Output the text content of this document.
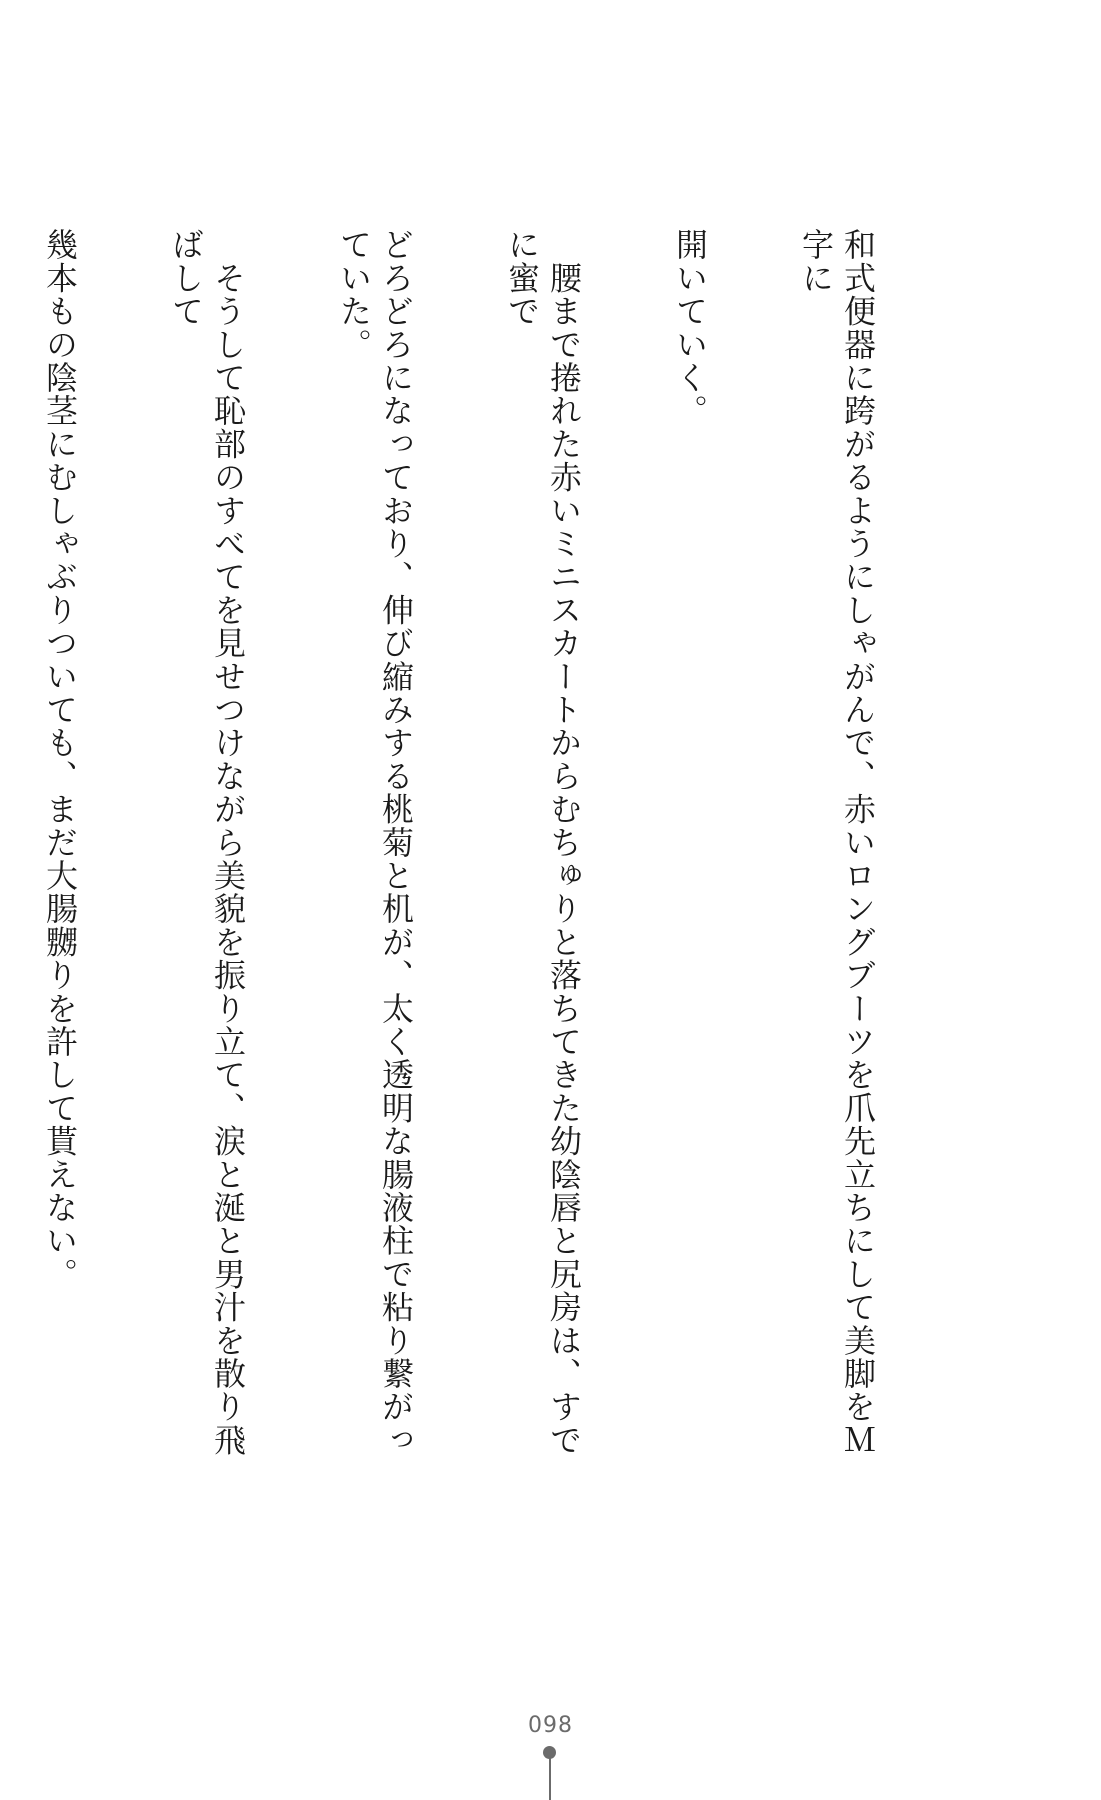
和式便器に跨がるようにしゃがんで、赤いロングブーツを爪先立ちにして美脚をＭ字に

開いていく。

　腰まで捲れた赤いミニスカートからむちゅりと落ちてきた幼陰唇と尻房は、すでに蜜で

どろどろになっており、伸び縮みする桃菊と机が、太く透明な腸液柱で粘り繋がっていた。

　そうして恥部のすべてを見せつけながら美貌を振り立て、涙と涎と男汁を散り飛ばして

幾本もの陰茎にむしゃぶりついても、まだ大腸嬲りを許して貰えない。

098
